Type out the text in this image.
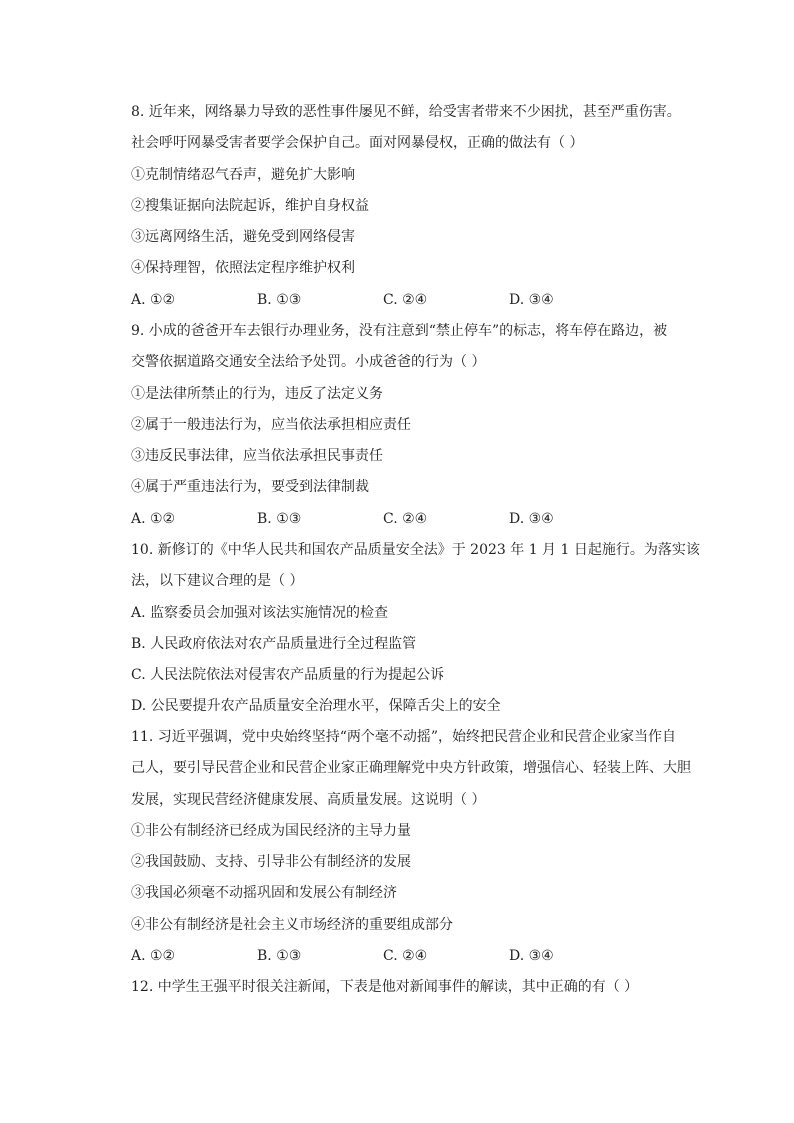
8. 近年来，网络暴力导致的恶性事件屡见不鲜，给受害者带来不少困扰，甚至严重伤害。
社会呼吁网暴受害者要学会保护自己。面对网暴侵权，正确的做法有（ ）
①克制情绪忍气吞声，避免扩大影响
②搜集证据向法院起诉，维护自身权益
③远离网络生活，避免受到网络侵害
④保持理智，依照法定程序维护权利
A. ①②	B. ①③	C. ②④	D. ③④
9. 小成的爸爸开车去银行办理业务，没有注意到“禁止停车”的标志，将车停在路边，被
交警依据道路交通安全法给予处罚。小成爸爸的行为（ ）
①是法律所禁止的行为，违反了法定义务
②属于一般违法行为，应当依法承担相应责任
③违反民事法律，应当依法承担民事责任
④属于严重违法行为，要受到法律制裁
A. ①②	B. ①③	C. ②④	D. ③④
10. 新修订的《中华人民共和国农产品质量安全法》于 2023 年 1 月 1 日起施行。为落实该
法，以下建议合理的是（ ）
A. 监察委员会加强对该法实施情况的检查
B. 人民政府依法对农产品质量进行全过程监管
C. 人民法院依法对侵害农产品质量的行为提起公诉
D. 公民要提升农产品质量安全治理水平，保障舌尖上的安全
11. 习近平强调，党中央始终坚持“两个毫不动摇”，始终把民营企业和民营企业家当作自
己人，要引导民营企业和民营企业家正确理解党中央方针政策，增强信心、轻装上阵、大胆
发展，实现民营经济健康发展、高质量发展。这说明（ ）
①非公有制经济已经成为国民经济的主导力量
②我国鼓励、支持、引导非公有制经济的发展
③我国必须毫不动摇巩固和发展公有制经济
④非公有制经济是社会主义市场经济的重要组成部分
A. ①②	B. ①③	C. ②④	D. ③④
12. 中学生王强平时很关注新闻，下表是他对新闻事件的解读，其中正确的有（ ）
